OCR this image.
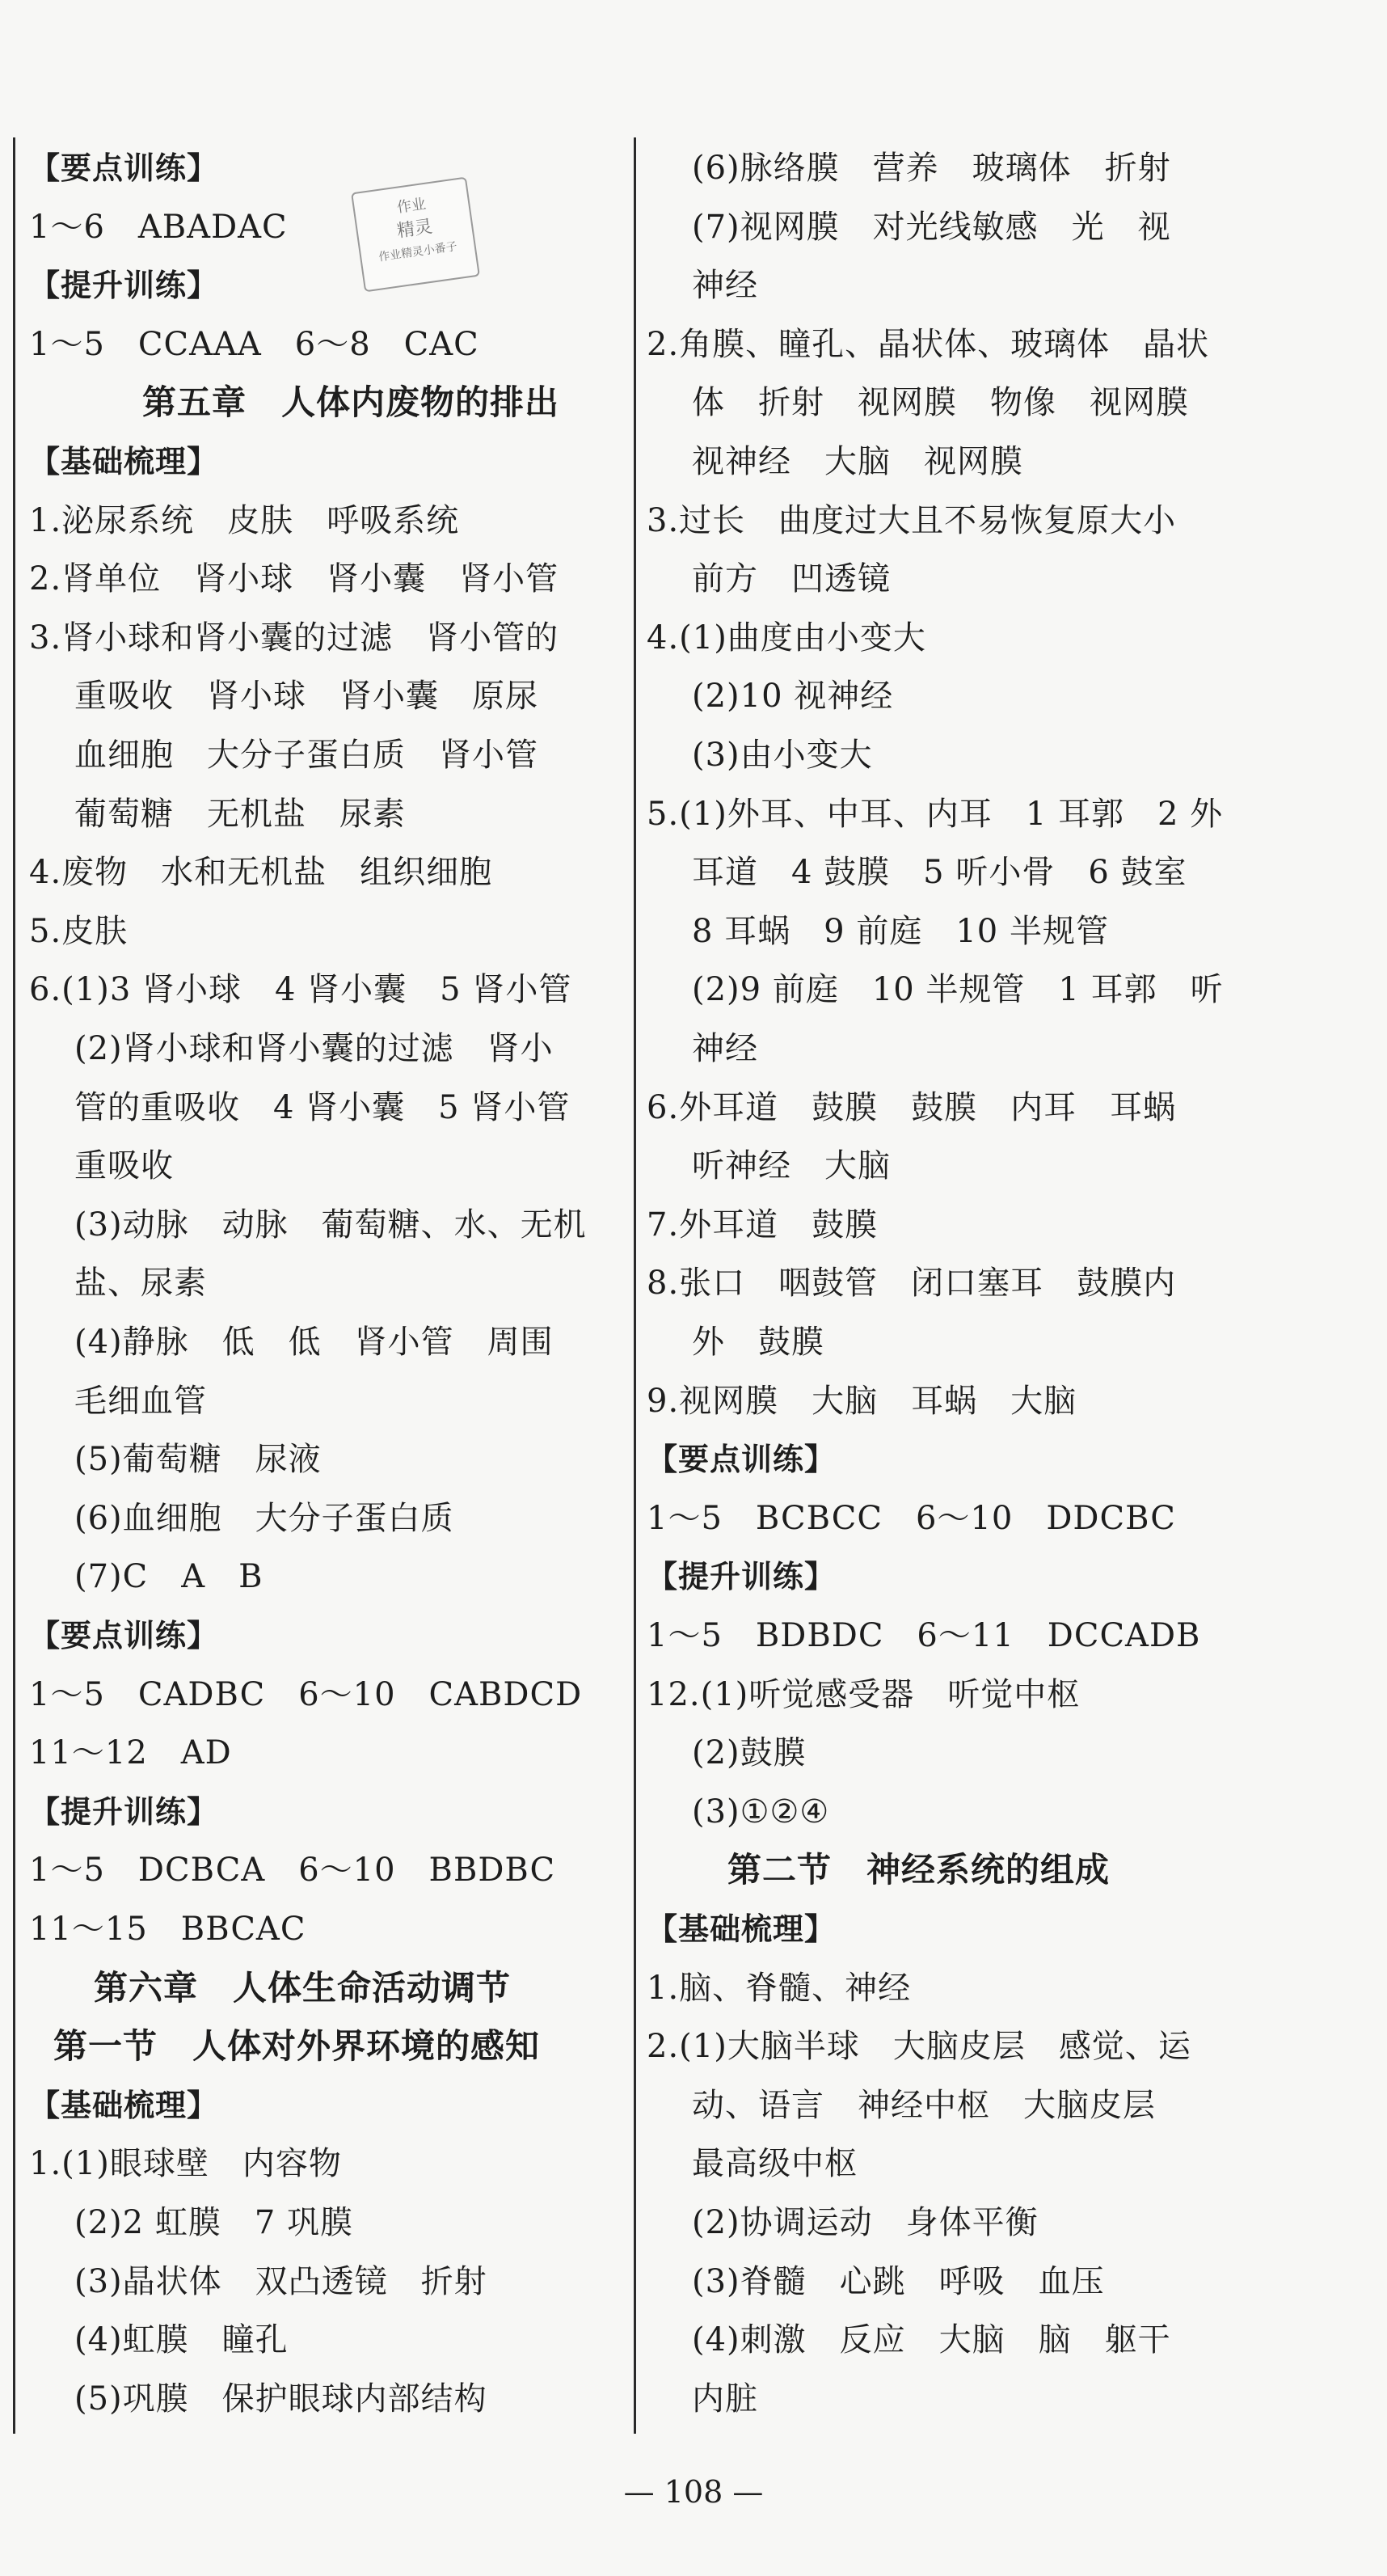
【要点训练】
1～6　ABADAC
【提升训练】
1～5　CCAAA　6～8　CAC
第五章　人体内废物的排出
【基础梳理】
1.泌尿系统　皮肤　呼吸系统
2.肾单位　肾小球　肾小囊　肾小管
3.肾小球和肾小囊的过滤　肾小管的
重吸收　肾小球　肾小囊　原尿
血细胞　大分子蛋白质　肾小管
葡萄糖　无机盐　尿素
4.废物　水和无机盐　组织细胞
5.皮肤
6.(1)3 肾小球　4 肾小囊　5 肾小管
(2)肾小球和肾小囊的过滤　肾小
管的重吸收　4 肾小囊　5 肾小管
重吸收
(3)动脉　动脉　葡萄糖、水、无机
盐、尿素
(4)静脉　低　低　肾小管　周围
毛细血管
(5)葡萄糖　尿液
(6)血细胞　大分子蛋白质
(7)C　A　B
【要点训练】
1～5　CADBC　6～10　CABDCD
11～12　AD
【提升训练】
1～5　DCBCA　6～10　BBDBC
11～15　BBCAC
第六章　人体生命活动调节
第一节　人体对外界环境的感知
【基础梳理】
1.(1)眼球壁　内容物
(2)2 虹膜　7 巩膜
(3)晶状体　双凸透镜　折射
(4)虹膜　瞳孔
(5)巩膜　保护眼球内部结构
(6)脉络膜　营养　玻璃体　折射
(7)视网膜　对光线敏感　光　视
神经
2.角膜、瞳孔、晶状体、玻璃体　晶状
体　折射　视网膜　物像　视网膜
视神经　大脑　视网膜
3.过长　曲度过大且不易恢复原大小
前方　凹透镜
4.(1)曲度由小变大
(2)10 视神经
(3)由小变大
5.(1)外耳、中耳、内耳　1 耳郭　2 外
耳道　4 鼓膜　5 听小骨　6 鼓室
8 耳蜗　9 前庭　10 半规管
(2)9 前庭　10 半规管　1 耳郭　听
神经
6.外耳道　鼓膜　鼓膜　内耳　耳蜗
听神经　大脑
7.外耳道　鼓膜
8.张口　咽鼓管　闭口塞耳　鼓膜内
外　鼓膜
9.视网膜　大脑　耳蜗　大脑
【要点训练】
1～5　BCBCC　6～10　DDCBC
【提升训练】
1～5　BDBDC　6～11　DCCADB
12.(1)听觉感受器　听觉中枢
(2)鼓膜
(3)①②④
第二节　神经系统的组成
【基础梳理】
1.脑、脊髓、神经
2.(1)大脑半球　大脑皮层　感觉、运
动、语言　神经中枢　大脑皮层
最高级中枢
(2)协调运动　身体平衡
(3)脊髓　心跳　呼吸　血压
(4)刺激　反应　大脑　脑　躯干
内脏
作业
精灵
作业精灵小番子
— 108 —
